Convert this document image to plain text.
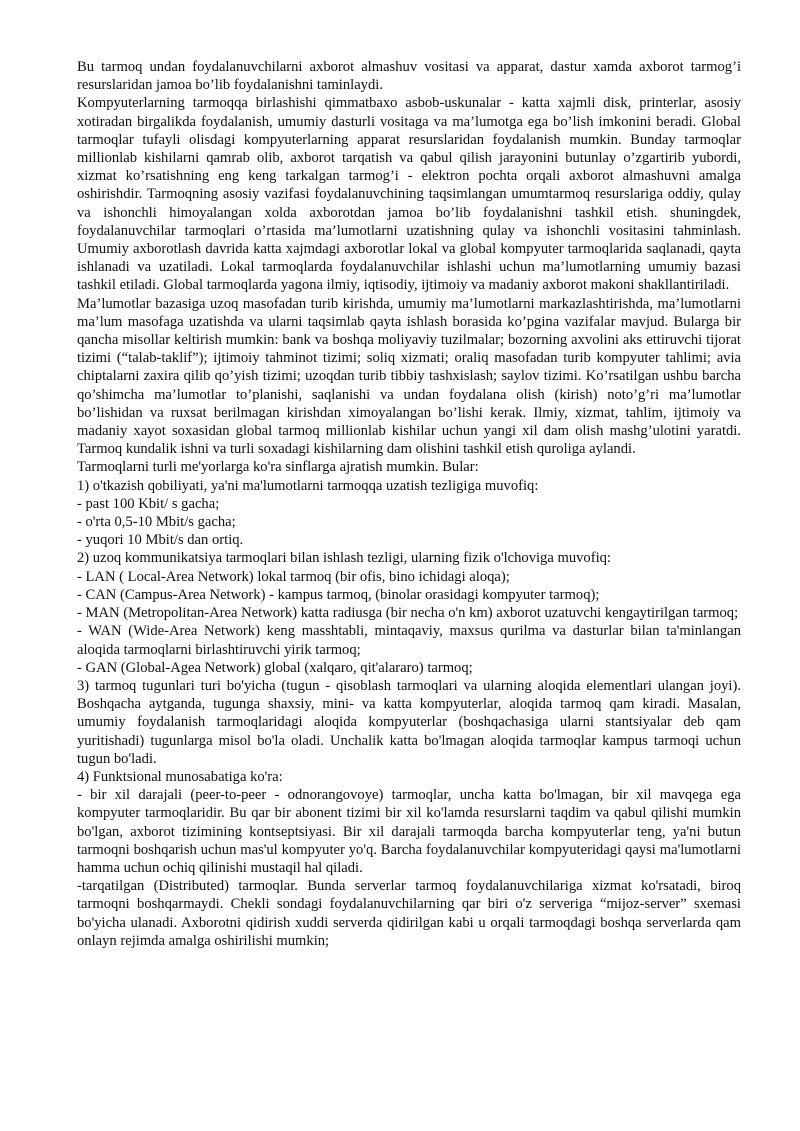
Bu tarmoq undan foydalanuvchilarni axborot almashuv vositasi va apparat, dastur xamda axborot tarmog’i resurslaridan jamoa bo’lib foydalanishni taminlaydi.

Kompyuterlarning tarmoqqa birlashishi qimmatbaxo asbob-uskunalar - katta xajmli disk, printerlar, asosiy xotiradan birgalikda foydalanish, umumiy dasturli vositaga va ma’lumotga ega bo’lish imkonini beradi. Global tarmoqlar tufayli olisdagi kompyuterlarning apparat resurslaridan foydalanish mumkin. Bunday tarmoqlar millionlab kishilarni qamrab olib, axborot tarqatish va qabul qilish jarayonini butunlay o’zgartirib yubordi, xizmat ko’rsatishning eng keng tarkalgan tarmog’i - elektron pochta orqali axborot almashuvni amalga oshirishdir. Tarmoqning asosiy vazifasi foydalanuvchining taqsimlangan umumtarmoq resurslariga oddiy, qulay va ishonchli himoyalangan xolda axborotdan jamoa bo’lib foydalanishni tashkil etish. shuningdek, foydalanuvchilar tarmoqlari o’rtasida ma’lumotlarni uzatishning qulay va ishonchli vositasini tahminlash. Umumiy axborotlash davrida katta xajmdagi axborotlar lokal va global kompyuter tarmoqlarida saqlanadi, qayta ishlanadi va uzatiladi. Lokal tarmoqlarda foydalanuvchilar ishlashi uchun ma’lumotlarning umumiy bazasi tashkil etiladi. Global tarmoqlarda yagona ilmiy, iqtisodiy, ijtimoiy va madaniy axborot makoni shakllantiriladi.

Ma’lumotlar bazasiga uzoq masofadan turib kirishda, umumiy ma’lumotlarni markazlashtirishda, ma’lumotlarni ma’lum masofaga uzatishda va ularni taqsimlab qayta ishlash borasida ko’pgina vazifalar mavjud. Bularga bir qancha misollar keltirish mumkin: bank va boshqa moliyaviy tuzilmalar; bozorning axvolini aks ettiruvchi tijorat tizimi (“talab-taklif”); ijtimoiy tahminot tizimi; soliq xizmati; oraliq masofadan turib kompyuter tahlimi; avia chiptalarni zaxira qilib qo’yish tizimi; uzoqdan turib tibbiy tashxislash; saylov tizimi. Ko’rsatilgan ushbu barcha qo’shimcha ma’lumotlar to’planishi, saqlanishi va undan foydalana olish (kirish) noto’g’ri ma’lumotlar bo’lishidan va ruxsat berilmagan kirishdan ximoyalangan bo’lishi kerak. Ilmiy, xizmat, tahlim, ijtimoiy va madaniy xayot soxasidan global tarmoq millionlab kishilar uchun yangi xil dam olish mashg’ulotini yaratdi. Tarmoq kundalik ishni va turli soxadagi kishilarning dam olishini tashkil etish quroliga aylandi.

Tarmoqlarni turli me'yorlarga ko'ra sinflarga ajratish mumkin. Bular:

1) o'tkazish qobiliyati, ya'ni ma'lumotlarni tarmoqqa uzatish tezligiga muvofiq:

- past 100 Kbit/ s gacha;

- o'rta 0,5-10 Mbit/s gacha;

- yuqori 10 Mbit/s dan ortiq.

2) uzoq kommunikatsiya tarmoqlari bilan ishlash tezligi, ularning fizik o'lchoviga muvofiq:

- LAN ( Local-Area Network) lokal tarmoq (bir ofis, bino ichidagi aloqa);

- CAN (Campus-Area Network) - kampus tarmoq, (binolar orasidagi kompyuter tarmoq);

- MAN (Metropolitan-Area Network) katta radiusga (bir necha o'n km) axborot uzatuvchi kengaytirilgan tarmoq;

- WAN (Wide-Area Network) keng masshtabli, mintaqaviy, maxsus qurilma va dasturlar bilan ta'minlangan aloqida tarmoqlarni birlashtiruvchi yirik tarmoq;

- GAN (Global-Agea Network) global (xalqaro, qit'alararo) tarmoq;

3) tarmoq tugunlari turi bo'yicha (tugun - qisoblash tarmoqlari va ularning aloqida elementlari ulangan joyi). Boshqacha aytganda, tugunga shaxsiy, mini- va katta kompyuterlar, aloqida tarmoq qam kiradi. Masalan, umumiy foydalanish tarmoqlaridagi aloqida kompyuterlar (boshqachasiga ularni stantsiyalar deb qam yuritishadi) tugunlarga misol bo'la oladi. Unchalik katta bo'lmagan aloqida tarmoqlar kampus tarmoqi uchun tugun bo'ladi.

4) Funktsional munosabatiga ko'ra:

- bir xil darajali (peer-to-peer - odnorangovoye) tarmoqlar, uncha katta bo'lmagan, bir xil mavqega ega kompyuter tarmoqlaridir. Bu qar bir abonent tizimi bir xil ko'lamda resurslarni taqdim va qabul qilishi mumkin bo'lgan, axborot tizimining kontseptsiyasi. Bir xil darajali tarmoqda barcha kompyuterlar teng, ya'ni butun tarmoqni boshqarish uchun mas'ul kompyuter yo'q. Barcha foydalanuvchilar kompyuteridagi qaysi ma'lumotlarni hamma uchun ochiq qilinishi mustaqil hal qiladi.

-tarqatilgan (Distributed) tarmoqlar. Bunda serverlar tarmoq foydalanuvchilariga xizmat ko'rsatadi, biroq tarmoqni boshqarmaydi. Chekli sondagi foydalanuvchilarning qar biri o'z serveriga “mijoz-server” sxemasi bo'yicha ulanadi. Axborotni qidirish xuddi serverda qidirilgan kabi u orqali tarmoqdagi boshqa serverlarda qam onlayn rejimda amalga oshirilishi mumkin;
